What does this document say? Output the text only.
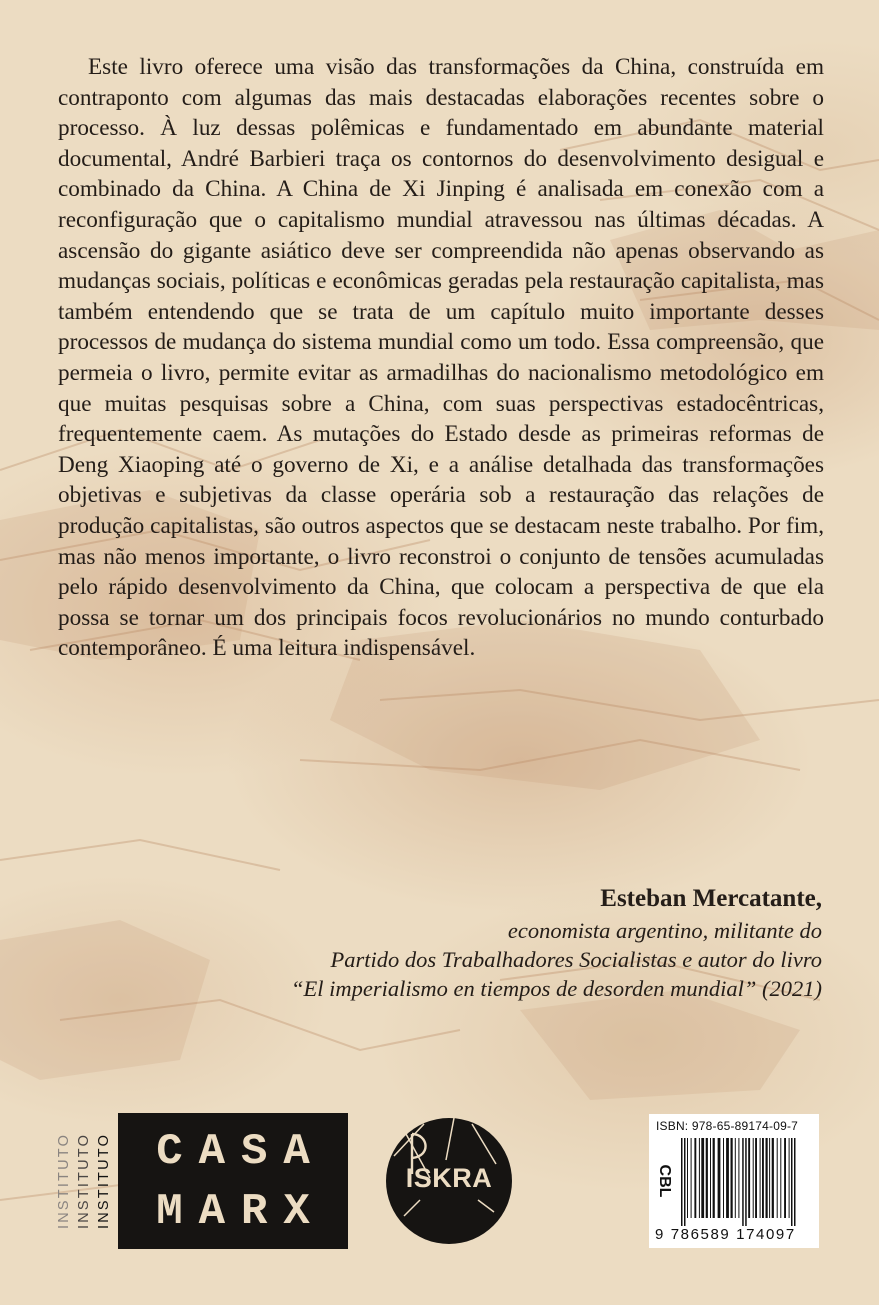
Este livro oferece uma visão das transformações da China, construída em contraponto com algumas das mais destacadas elaborações recentes sobre o processo. À luz dessas polêmicas e fundamentado em abundante material documental, André Barbieri traça os contornos do desenvolvimento desigual e combinado da China. A China de Xi Jinping é analisada em conexão com a reconfiguração que o capitalismo mundial atravessou nas últimas décadas. A ascensão do gigante asiático deve ser compreendida não apenas observando as mudanças sociais, políticas e econômicas geradas pela restauração capitalista, mas também entendendo que se trata de um capítulo muito importante desses processos de mudança do sistema mundial como um todo. Essa compreensão, que permeia o livro, permite evitar as armadilhas do nacionalismo metodológico em que muitas pesquisas sobre a China, com suas perspectivas estadocêntricas, frequentemente caem. As mutações do Estado desde as primeiras reformas de Deng Xiaoping até o governo de Xi, e a análise detalhada das transformações objetivas e subjetivas da classe operária sob a restauração das relações de produção capitalistas, são outros aspectos que se destacam neste trabalho. Por fim, mas não menos importante, o livro reconstroi o conjunto de tensões acumuladas pelo rápido desenvolvimento da China, que colocam a perspectiva de que ela possa se tornar um dos principais focos revolucionários no mundo conturbado contemporâneo. É uma leitura indispensável.

Esteban Mercatante,
economista argentino, militante do
Partido dos Trabalhadores Socialistas e autor do livro
“El imperialismo en tiempos de desorden mundial” (2021)
INSTITUTO INSTITUTO INSTITUTO	CASA
MARX
ISKRA
ISBN: 978-65-89174-09-7
CBL
9 786589 174097
